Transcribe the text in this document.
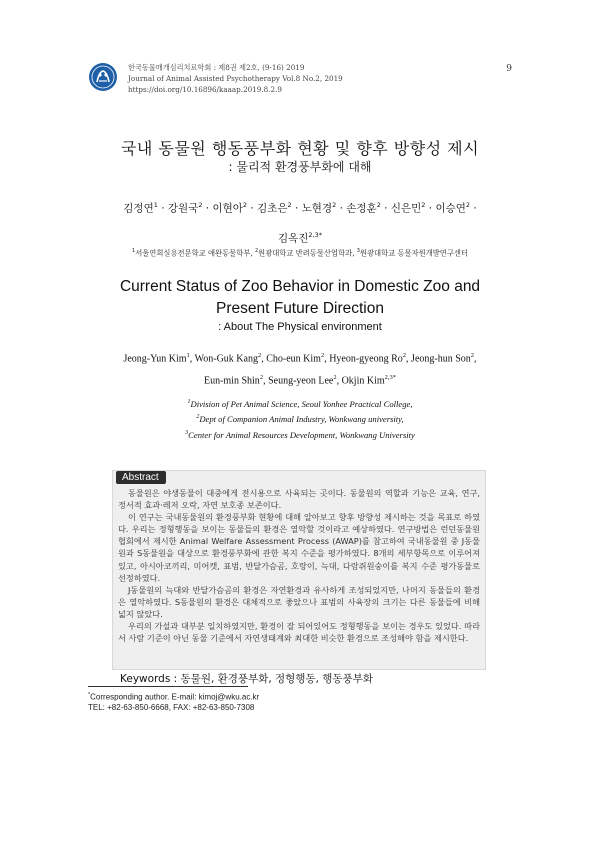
한국동물매개심리치료학회 : 제8권 제2호, (9-16) 2019
Journal of Animal Assisted Psychotherapy Vol.8 No.2, 2019
https://doi.org/10.16896/kaaap.2019.8.2.9
9
국내 동물원 행동풍부화 현황 및 향후 방향성 제시
: 물리적 환경풍부화에 대해
김정연$^1$ · 강원국$^2$ · 이현아$^2$ · 김초은$^2$ · 노현경$^2$ · 손정훈$^2$ · 신은민$^2$ · 이승연$^2$ ·
김옥진$^{2,3*}$
$^1$서울연희실용전문학교 애완동물학부, $^2$원광대학교 반려동물산업학과, $^3$원광대학교 동물자원개발연구센터
Current Status of Zoo Behavior in Domestic Zoo and
Present Future Direction
: About The Physical environment
Jeong-Yun Kim$^1$, Won-Guk Kang$^2$, Cho-eun Kim$^2$, Hyeon-gyeong Ro$^2$, Jeong-hun Son$^2$,
Eun-min Shin$^2$, Seung-yeon Lee$^2$, Okjin Kim$^{2,3*}$
$^1$Division of Pet Animal Science, Seoul Yonhee Practical College,
$^2$Dept of Companion Animal Industry, Wonkwang university,
$^3$Center for Animal Resources Development, Wonkwang University
Abstract

동물원은 야생동물이 대중에게 전시용으로 사육되는 곳이다. 동물원의 역할과 기능은 교육, 연구, 정서적 효과·레저 오락, 자연 보호종 보존이다.

이 연구는 국내동물원의 환경풍부화 현황에 대해 알아보고 향후 방향성 제시하는 것을 목표로 하였다. 우리는 정형행동을 보이는 동물들의 환경은 열악할 것이라고 예상하였다. 연구방법은 런던동물원 협회에서 제시한 Animal Welfare Assessment Process (AWAP)를 참고하여 국내동물원 중 J동물원과 S동물원을 대상으로 환경풍부화에 관한 복지 수준을 평가하였다. 8개의 세부항목으로 이루어져 있고, 아시아코끼리, 미어캣, 표범, 반달가슴곰, 호랑이, 늑대, 다람쥐원숭이를 복지 수준 평가동물로 선정하였다.

J동물원의 늑대와 반달가슴곰의 환경은 자연환경과 유사하게 조성되었지만, 나머지 동물들의 환경은 열악하였다. S동물원의 환경은 대체적으로 좋았으나 표범의 사육장의 크기는 다른 동물들에 비해 넓지 않았다.

우리의 가설과 대부분 일치하였지만, 환경이 잘 되어있어도 정형행동을 보이는 경우도 있었다. 따라서 사람 기준이 아닌 동물 기준에서 자연생태계와 최대한 비슷한 환경으로 조성해야 함을 제시한다.

Keywords : 동물원, 환경풍부화, 정형행동, 행동풍부화
*Corresponding author. E-mail: kimoj@wku.ac.kr
TEL: +82-63-850-6668, FAX: +82-63-850-7308
